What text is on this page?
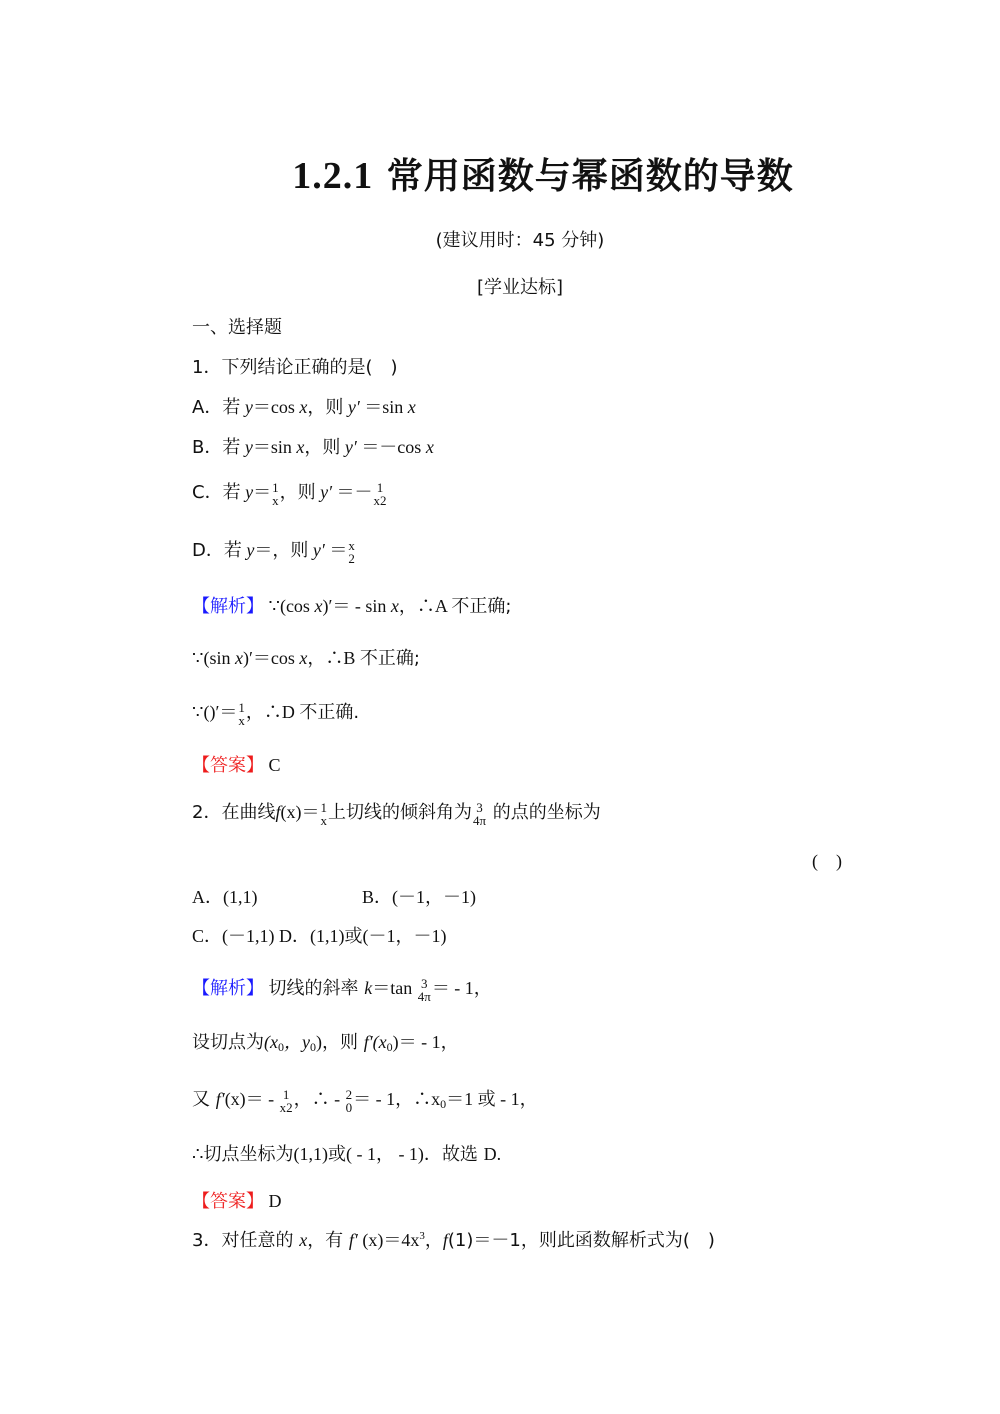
1.2.1 常用函数与幂函数的导数
(建议用时：45 分钟)
[学业达标]
一、选择题
1．下列结论正确的是(　)
A．若 y＝cos x，则 y′ ＝sin x
B．若 y＝sin x，则 y′ ＝－cos x
C．若 y＝ 1
x ，则 y′ ＝－ 1
x2
D．若 y＝，则 y′ ＝ x
2
【解析】 ∵(cos x)′＝ - sin x，∴A 不正确;
∵(sin x)′＝cos x，∴B 不正确;
∵()′＝ 1
x ，∴D 不正确.
【答案】 C
2．在曲线f(x)＝ 1
x 上切线的倾斜角为 3
4π 的点的坐标为
(　)
A．(1,1)	B．(－1，－1)
C．(－1,1) D．(1,1)或(－1，－1)
【解析】 切线的斜率 k＝tan 3
4π ＝ - 1，
设切点为($x_0$，$y_0$)，则 $f'(x_0)= - 1$，
又 f′(x)＝ - 1
x2 ，∴ - 2
0 ＝ - 1，$\therefore x_0=1$ 或 - 1，
∴切点坐标为(1,1)或( - 1， - 1)．故选 D.
【答案】 D
3．对任意的 x，有 f′ $(x)=4x^3$，f(1)＝－1，则此函数解析式为(　)
